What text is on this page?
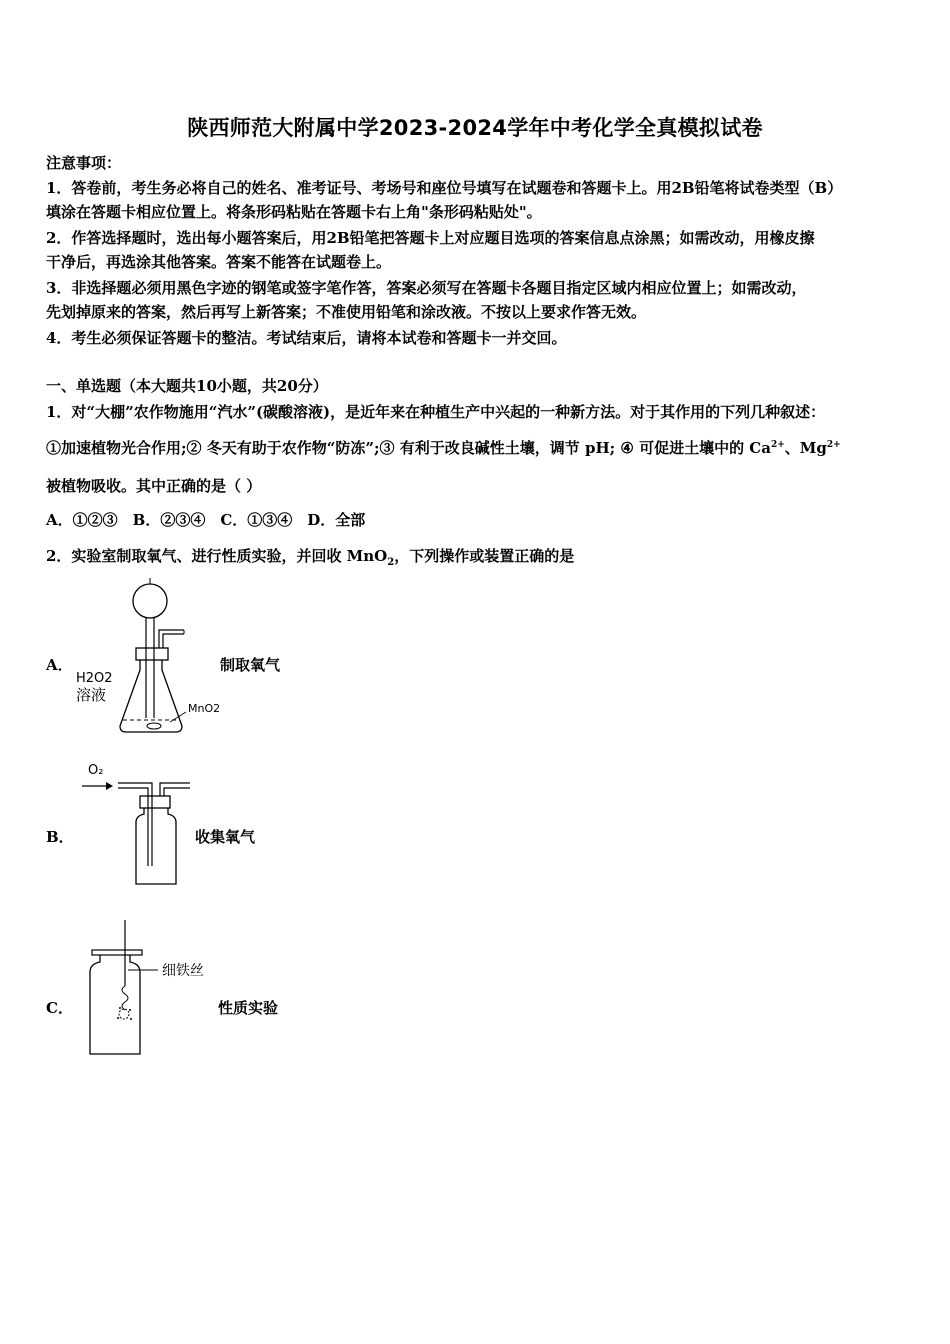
陕西师范大附属中学2023-2024学年中考化学全真模拟试卷
注意事项：
1．答卷前，考生务必将自己的姓名、准考证号、考场号和座位号填写在试题卷和答题卡上。用2B铅笔将试卷类型（B）
填涂在答题卡相应位置上。将条形码粘贴在答题卡右上角"条形码粘贴处"。
2．作答选择题时，选出每小题答案后，用2B铅笔把答题卡上对应题目选项的答案信息点涂黑；如需改动，用橡皮擦
干净后，再选涂其他答案。答案不能答在试题卷上。
3．非选择题必须用黑色字迹的钢笔或签字笔作答，答案必须写在答题卡各题目指定区域内相应位置上；如需改动，
先划掉原来的答案，然后再写上新答案；不准使用铅笔和涂改液。不按以上要求作答无效。
4．考生必须保证答题卡的整洁。考试结束后，请将本试卷和答题卡一并交回。
一、单选题（本大题共10小题，共20分）
1．对“大棚”农作物施用“汽水”(碳酸溶液)，是近年来在种植生产中兴起的一种新方法。对于其作用的下列几种叙述：
①加速植物光合作用;② 冬天有助于农作物“防冻”;③ 有利于改良碱性土壤，调节 pH; ④ 可促进土壤中的 $Ca^{2+}$、$Mg^{2+}$
被植物吸收。其中正确的是（ ）
A．①②③　B．②③④　C．①③④　D．全部
2．实验室制取氧气、进行性质实验，并回收 MnO$_2$，下列操作或装置正确的是
A．	制取氧气
H2O2
溶液
MnO2
B．	收集氧气
O₂
C．	性质实验
细铁丝
